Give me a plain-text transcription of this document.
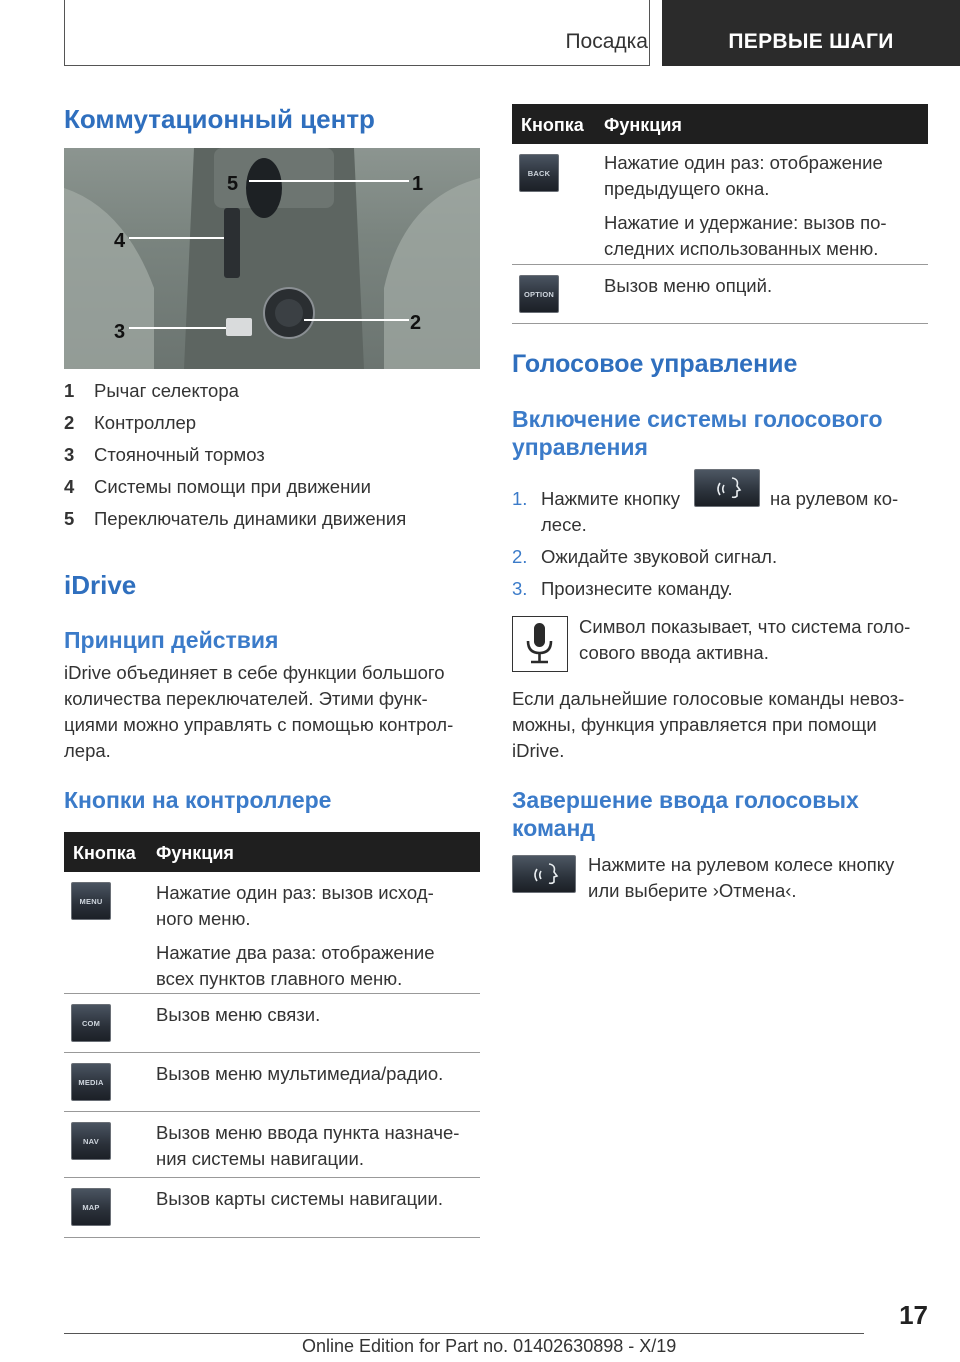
Посадка	ПЕРВЫЕ ШАГИ
Коммутационный центр
5	1
4
3	2
1 Рычаг селектора
2 Контроллер
3 Стояночный тормоз
4 Системы помощи при движении
5 Переключатель динамики движения
iDrive
Принцип действия
iDrive объединяет в себе функции большого
количества переключателей. Этими функ-
циями можно управлять с помощью контрол-
лера.
Кнопки на контроллере
Кнопка Функция
MENU	Нажатие один раз: вызов исход-
ного меню.
Нажатие два раза: отображение
всех пунктов главного меню.
COM	Вызов меню связи.
MEDIA	Вызов меню мультимедиа/радио.
NAV	Вызов меню ввода пункта назначе-
ния системы навигации.
MAP	Вызов карты системы навигации.
Кнопка Функция
BACK	Нажатие один раз: отображение
предыдущего окна.
Нажатие и удержание: вызов по-
следних использованных меню.
OPTION	Вызов меню опций.
Голосовое управление
Включение системы голосового
управления
1. Нажмите кнопку	на рулевом ко-
лесе.
2. Ожидайте звуковой сигнал.
3. Произнесите команду.
Символ показывает, что система голо-
сового ввода активна.
Если дальнейшие голосовые команды невоз-
можны, функция управляется при помощи
iDrive.
Завершение ввода голосовых
команд
Нажмите на рулевом колесе кнопку
или выберите ›Отмена‹.
17
Online Edition for Part no. 01402630898 - X/19
